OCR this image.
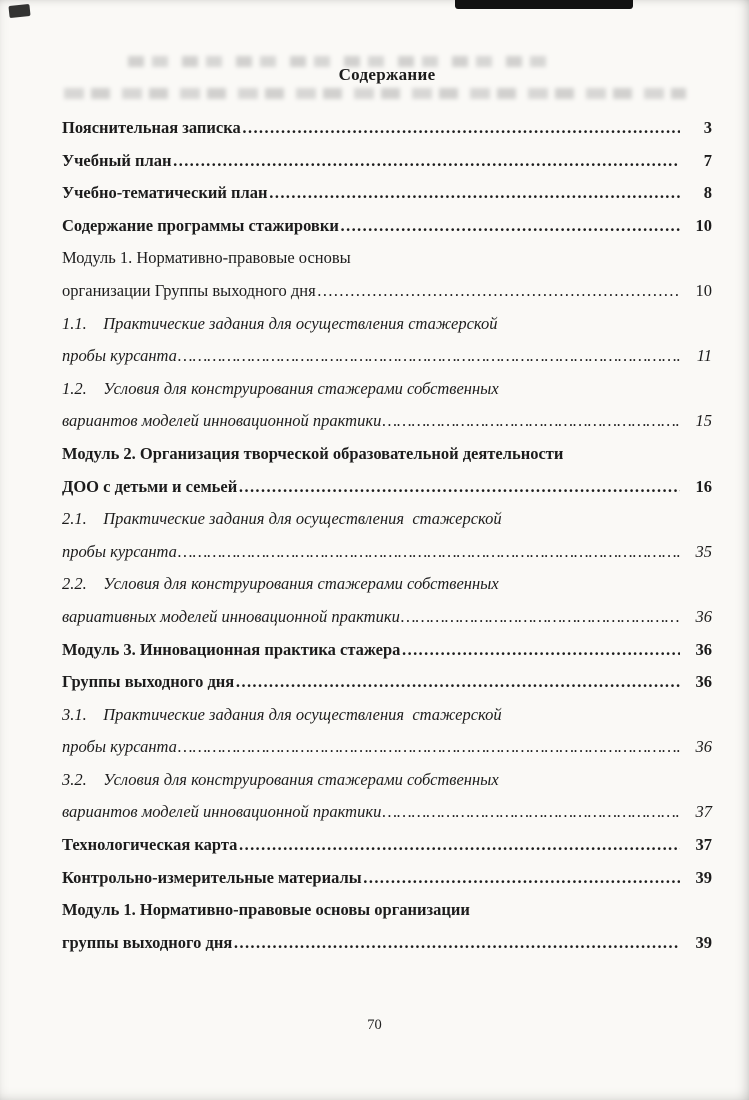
Содержание
Пояснительная записка ……………………………………………………………………………………………………………………………………………………	3
Учебный план ……………………………………………………………………………………………………………………………………………………	7
Учебно-тематический план ……………………………………………………………………………………………………………………………………………………	8
Содержание программы стажировки ……………………………………………………………………………………………………………………………………………………	10
Модуль 1. Нормативно-правовые основы
организации Группы выходного дня ……………………………………………………………………………………………………………………………………………………	10
1.1.    Практические задания для осуществления стажерской
пробы курсанта ……………………………………………………………………………………………………………………………………………………	11
1.2.    Условия для конструирования стажерами собственных
вариантов моделей инновационной практики ……………………………………………………………………………………………………………………………………………………	15
Модуль 2. Организация творческой образовательной деятельности
ДОО с детьми и семьей ……………………………………………………………………………………………………………………………………………………	16
2.1.    Практические задания для осуществления  стажерской
пробы курсанта ……………………………………………………………………………………………………………………………………………………	35
2.2.    Условия для конструирования стажерами собственных
вариативных моделей инновационной практики ……………………………………………………………………………………………………………………………………………………	36
Модуль 3. Инновационная практика стажера ……………………………………………………………………………………………………………………………………………………	36
Группы выходного дня ……………………………………………………………………………………………………………………………………………………	36
3.1.    Практические задания для осуществления  стажерской
пробы курсанта ……………………………………………………………………………………………………………………………………………………	36
3.2.    Условия для конструирования стажерами собственных
вариантов моделей инновационной практики ……………………………………………………………………………………………………………………………………………………	37
Технологическая карта ……………………………………………………………………………………………………………………………………………………	37
Контрольно-измерительные материалы ……………………………………………………………………………………………………………………………………………………	39
Модуль 1. Нормативно-правовые основы организации
группы выходного дня ……………………………………………………………………………………………………………………………………………………	39
70
